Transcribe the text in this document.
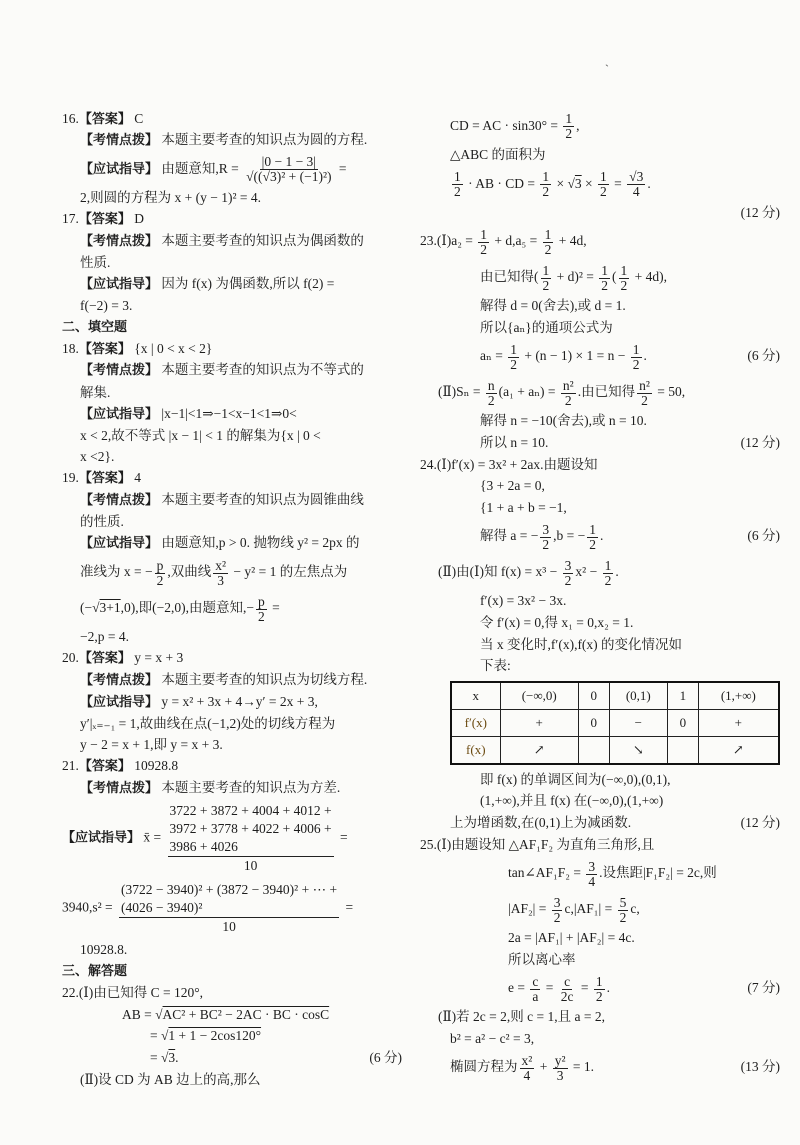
16.【答案】 C
【考情点拨】 本题主要考查的知识点为圆的方程.
【应试指导】 由题意知$,R = \frac{|0 - 1 - 3|}{\text{√((√3)² + (−1)²)}}$ =
2,则圆的方程为 x + (y − 1)² = 4.
17.【答案】 D
【考情点拨】 本题主要考查的知识点为偶函数的
性质.
【应试指导】 因为 f(x) 为偶函数,所以 f(2) =
f(−2) = 3.
二、填空题
18.【答案】 {x | 0 < x < 2}
【考情点拨】 本题主要考查的知识点为不等式的
解集.
【应试指导】 |x−1|<1⇒−1<x−1<1⇒0<
x < 2,故不等式 |x − 1| < 1 的解集为{x | 0 <
x <2}.
19.【答案】 4
【考情点拨】 本题主要考查的知识点为圆锥曲线
的性质.
【应试指导】 由题意知,p > 0. 抛物线 y² = 2px 的
准线为 x = − $\frac{p}{2}$ ,双曲线 $\frac{\text{x²}}{3} - y^2 = 1$ 的左焦点为
(−√3+1,0),即(−2,0),由题意知,− $\frac{p}{2}$ =
−2,p = 4.
20.【答案】 y = x + 3
【考情点拨】 本题主要考查的知识点为切线方程.
【应试指导】 y = x² + 3x + 4→y′ = 2x + 3,
y′|ₓ₌₋₁ = 1,故曲线在点(−1,2)处的切线方程为
y − 2 = x + 1,即 y = x + 3.
21.【答案】 10928.8
【考情点拨】 本题主要考查的知识点为方差.
【应试指导】 x̄ =
3722 + 3872 + 4004 + 4012 +
3972 + 3778 + 4022 + 4006 +
3986 + 4026
10
=
3940,s² = (3722 − 3940)² + (3872 − 3940)² + ⋯ +
(4026 − 3940)²
10 =
10928.8.
三、解答题
22.(Ⅰ)由已知得 C = 120°,
AB = √AC² + BC² − 2AC · BC · cosC
= √1 + 1 − 2cos120°
= √3.	(6 分)
(Ⅱ)设 CD 为 AB 边上的高,那么
CD = AC · $\sin 30^\circ = \frac{1}{2}$ ,
△ABC 的面积为
$\frac{1}{2}$ · AB · CD = $\frac{1}{2} \times √3 \times \frac{1}{2} = \frac{√3}{4}$ .
(12 分)
23.(Ⅰ)a₂ = $\frac{1}{2} + d,a_5 = \frac{1}{2} + 4d$,
由已知得( $\frac{1}{2} + d)^2 = \frac{1}{2}$ ( $\frac{1}{2} + 4d$),
解得 d = 0(舍去),或 d = 1.
所以{aₙ}的通项公式为
$a_n = \frac{1}{2} + (n - 1) \times 1 = n - \frac{1}{2}$ .	(6 分)
(Ⅱ)Sₙ = $\frac{n}{2} (a_1 + a_n) = \frac{\text{n²}}{2}$ .由已知得 $\frac{\text{n²}}{2} = 50$,
解得 n = −10(舍去),或 n = 10.
所以 n = 10.	(12 分)
24.(Ⅰ)f′(x) = 3x² + 2ax.由题设知
{3 + 2a = 0,
{1 + a + b = −1,
解得 a = − $\frac{3}{2} ,b$ = − $\frac{1}{2}$ .	(6 分)
(Ⅱ)由(Ⅰ)知 $f(x) = x^3 - \frac{3}{2} x^2 - \frac{1}{2}$ .
f′(x) = 3x² − 3x.
令 f′(x) = 0,得 x₁ = 0,x₂ = 1.
当 x 变化时,f′(x),f(x) 的变化情况如
下表:
x	(−∞,0)	0	(0,1)	1	(1,+∞)
f′(x)	+	0	−	0	+
f(x)	↗		↘		↗
即 f(x) 的单调区间为(−∞,0),(0,1),
(1,+∞),并且 f(x) 在(−∞,0),(1,+∞)
上为增函数,在(0,1)上为减函数.	(12 分)
25.(Ⅰ)由题设知 △AF₁F₂ 为直角三角形,且
tan∠AF₁F₂ = $\frac{3}{4}$ .设焦距|F₁F₂| = 2c,则
$|AF_2| = \frac{3}{2} c,|AF_1| = \frac{5}{2} c$,
2a = |AF₁| + |AF₂| = 4c.
所以离心率
$e = \frac{c}{a} = \frac{c}{2c} = \frac{1}{2}$ .	(7 分)
(Ⅱ)若 2c = 2,则 c = 1,且 a = 2,
b² = a² − c² = 3,
椭圆方程为 $\frac{\text{x²}}{4} + \frac{\text{y²}}{3} = 1$.	(13 分)
`
